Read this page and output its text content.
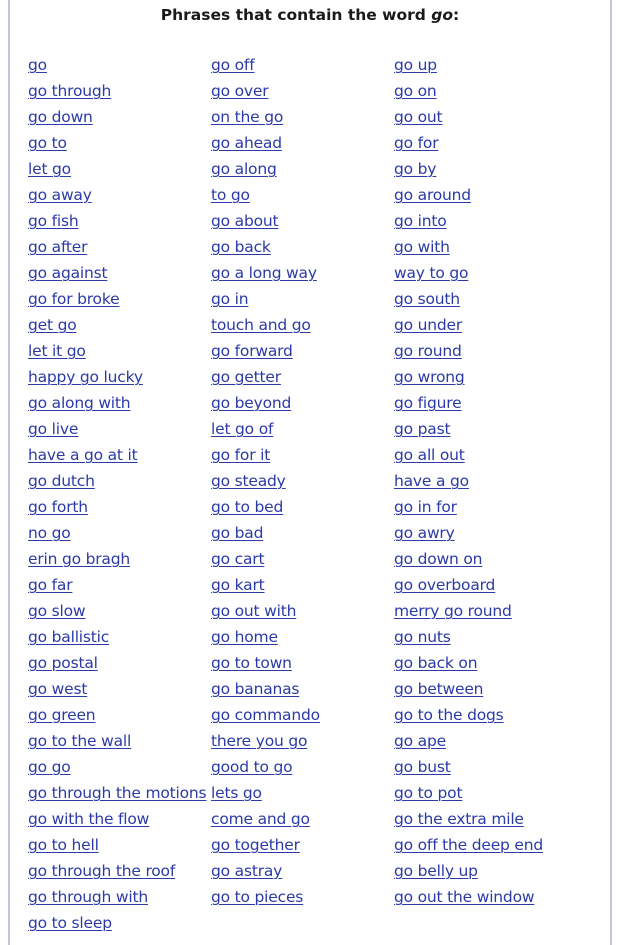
Phrases that contain the word go:
go
go through
go down
go to
let go
go away
go fish
go after
go against
go for broke
get go
let it go
happy go lucky
go along with
go live
have a go at it
go dutch
go forth
no go
erin go bragh
go far
go slow
go ballistic
go postal
go west
go green
go to the wall
go go
go through the motions
go with the flow
go to hell
go through the roof
go through with
go to sleep
go off
go over
on the go
go ahead
go along
to go
go about
go back
go a long way
go in
touch and go
go forward
go getter
go beyond
let go of
go for it
go steady
go to bed
go bad
go cart
go kart
go out with
go home
go to town
go bananas
go commando
there you go
good to go
lets go
come and go
go together
go astray
go to pieces
go up
go on
go out
go for
go by
go around
go into
go with
way to go
go south
go under
go round
go wrong
go figure
go past
go all out
have a go
go in for
go awry
go down on
go overboard
merry go round
go nuts
go back on
go between
go to the dogs
go ape
go bust
go to pot
go the extra mile
go off the deep end
go belly up
go out the window
